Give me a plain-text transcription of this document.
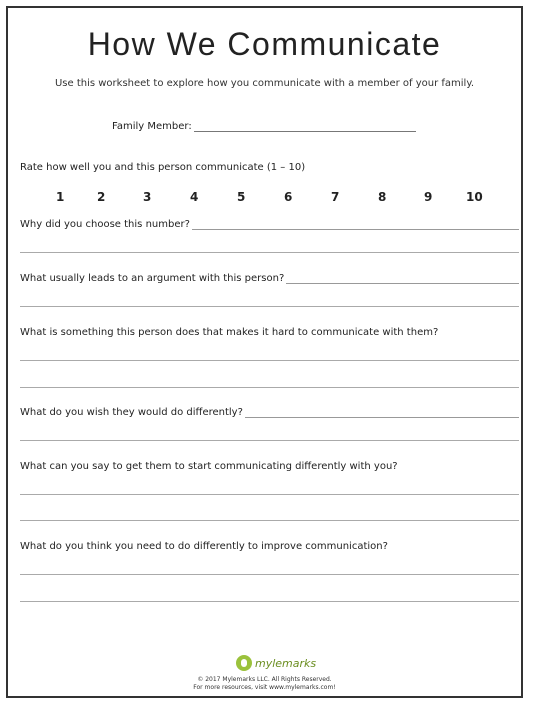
How We Communicate
Use this worksheet to explore how you communicate with a member of your family.
Family Member:
Rate how well you and this person communicate (1 – 10)
1	2	3	4	5	6	7	8	9	10
Why did you choose this number?
What usually leads to an argument with this person?
What is something this person does that makes it hard to communicate with them?
What do you wish they would do differently?
What can you say to get them to start communicating differently with you?
What do you think you need to do differently to improve communication?
mylemarks
© 2017 Mylemarks LLC. All Rights Reserved.
For more resources, visit www.mylemarks.com!
